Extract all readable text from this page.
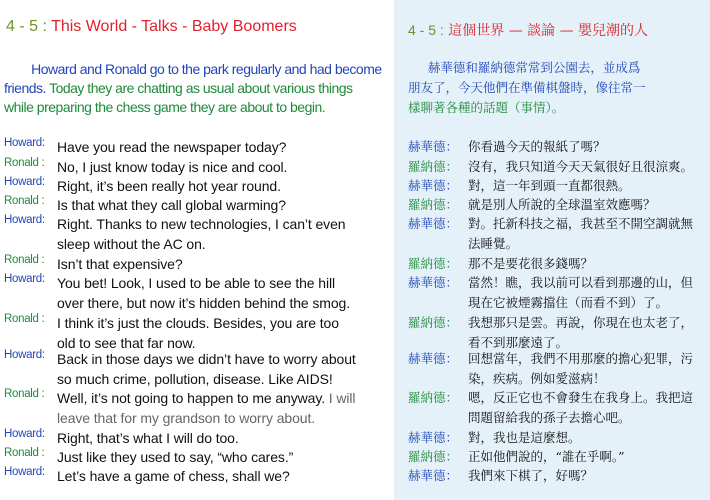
4 - 5 : This World - Talks - Baby Boomers
Howard and Ronald go to the park regularly and had become friends. Today they are chatting as usual about various things while preparing the chess game they are about to begin.
Howard: Have you read the newspaper today?
Ronald : No, I just know today is nice and cool.
Howard: Right, it’s been really hot year round.
Ronald : Is that what they call global warming?
Howard: Right. Thanks to new technologies, I can’t even
sleep without the AC on.
Ronald : Isn’t that expensive?
Howard: You bet! Look, I used to be able to see the hill
over there, but now it’s hidden behind the smog.
Ronald : I think it’s just the clouds. Besides, you are too
old to see that far now.
Howard: Back in those days we didn’t have to worry about
so much crime, pollution, disease. Like AIDS!
Ronald : Well, it’s not going to happen to me anyway. I will
leave that for my grandson to worry about.
Howard: Right, that’s what I will do too.
Ronald : Just like they used to say, “who cares.”
Howard: Let’s have a game of chess, shall we?
4 - 5 : 這個世界 — 談論 — 嬰兒潮的人
赫華德和羅納德常常到公園去，並成爲
朋友了，今天他們在準備棋盤時，像往常一
樣聊著各種的話題（事情）。
赫華德： 你看過今天的報紙了嗎？
羅納德： 沒有，我只知道今天天氣很好且很涼爽。
赫華德： 對，這一年到頭一直都很熱。
羅納德： 就是別人所說的全球溫室效應嗎？
赫華德： 對。托新科技之福，我甚至不開空調就無
法睡覺。
羅納德： 那不是要花很多錢嗎？
赫華德： 當然！瞧，我以前可以看到那邊的山，但
現在它被煙霧擋住（而看不到）了。
羅納德： 我想那只是雲。再說，你現在也太老了，
看不到那麼遠了。
赫華德： 回想當年，我們不用那麼的擔心犯罪，污
染，疾病。例如愛滋病！
羅納德： 嗯，反正它也不會發生在我身上。我把這
問題留給我的孫子去擔心吧。
赫華德： 對，我也是這麼想。
羅納德： 正如他們說的，“誰在乎啊。”
赫華德： 我們來下棋了，好嗎？
